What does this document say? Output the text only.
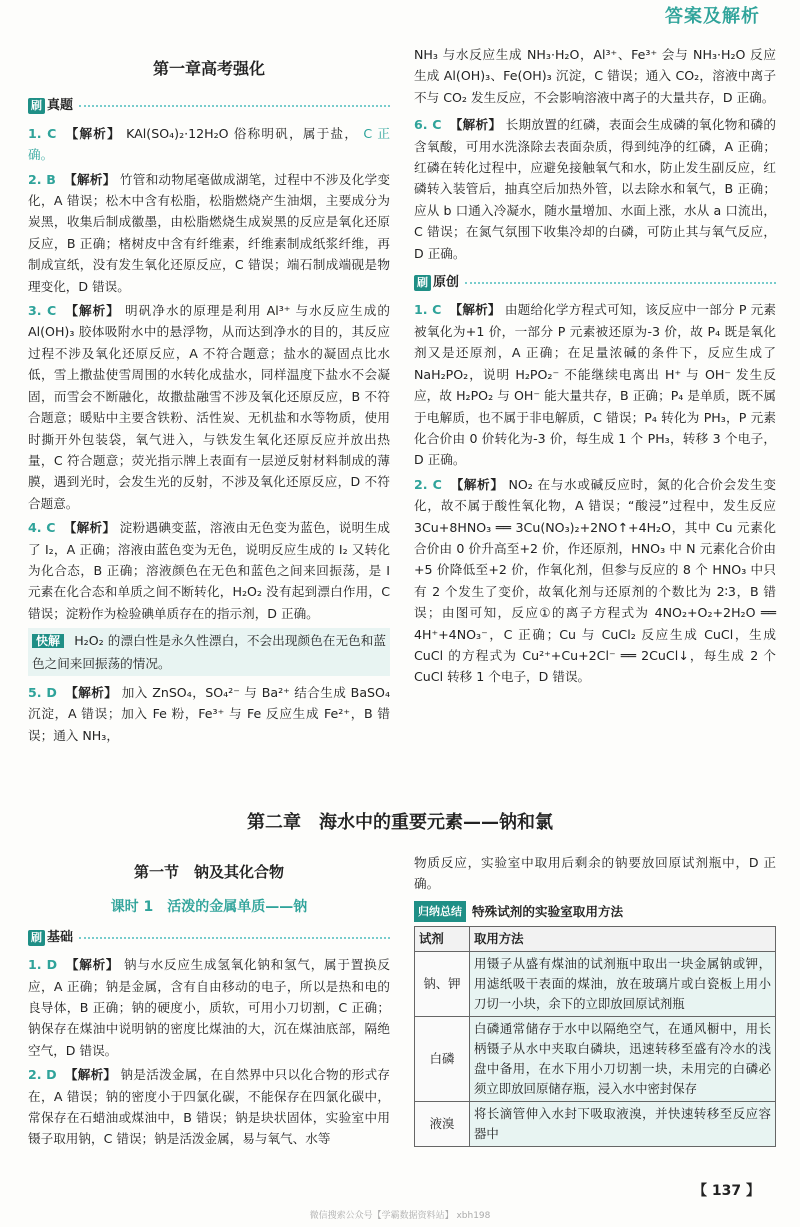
答案及解析
第一章高考强化
刷 真题
1. C 【解析】 KAl(SO₄)₂·12H₂O 俗称明矾，属于盐， C 正确。
2. B 【解析】 竹管和动物尾毫做成湖笔，过程中不涉及化学变化，A 错误；松木中含有松脂，松脂燃烧产生油烟，主要成分为炭黑，收集后制成徽墨，由松脂燃烧生成炭黑的反应是氧化还原反应，B 正确；楮树皮中含有纤维素，纤维素制成纸浆纤维，再制成宣纸，没有发生氧化还原反应，C 错误；端石制成端砚是物理变化，D 错误。
3. C 【解析】 明矾净水的原理是利用 Al³⁺ 与水反应生成的 Al(OH)₃ 胶体吸附水中的悬浮物，从而达到净水的目的，其反应过程不涉及氧化还原反应，A 不符合题意；盐水的凝固点比水低，雪上撒盐使雪周围的水转化成盐水，同样温度下盐水不会凝固，而雪会不断融化，故撒盐融雪不涉及氧化还原反应，B 不符合题意；暖贴中主要含铁粉、活性炭、无机盐和水等物质，使用时撕开外包装袋，氧气进入，与铁发生氧化还原反应并放出热量，C 符合题意；荧光指示牌上表面有一层逆反射材料制成的薄膜，遇到光时，会发生光的反射，不涉及氧化还原反应，D 不符合题意。
4. C 【解析】 淀粉遇碘变蓝，溶液由无色变为蓝色，说明生成了 I₂，A 正确；溶液由蓝色变为无色，说明反应生成的 I₂ 又转化为化合态，B 正确；溶液颜色在无色和蓝色之间来回振荡，是 I 元素在化合态和单质之间不断转化，H₂O₂ 没有起到漂白作用，C 错误；淀粉作为检验碘单质存在的指示剂，D 正确。
快解 H₂O₂ 的漂白性是永久性漂白，不会出现颜色在无色和蓝色之间来回振荡的情况。
5. D 【解析】 加入 ZnSO₄，SO₄²⁻ 与 Ba²⁺ 结合生成 BaSO₄ 沉淀，A 错误；加入 Fe 粉，Fe³⁺ 与 Fe 反应生成 Fe²⁺，B 错误；通入 NH₃，
NH₃ 与水反应生成 NH₃·H₂O，Al³⁺、Fe³⁺ 会与 NH₃·H₂O 反应生成 Al(OH)₃、Fe(OH)₃ 沉淀，C 错误；通入 CO₂，溶液中离子不与 CO₂ 发生反应，不会影响溶液中离子的大量共存，D 正确。
6. C 【解析】 长期放置的红磷，表面会生成磷的氧化物和磷的含氧酸，可用水洗涤除去表面杂质，得到纯净的红磷，A 正确；红磷在转化过程中，应避免接触氧气和水，防止发生副反应，红磷转入装管后，抽真空后加热外管，以去除水和氧气，B 正确；应从 b 口通入冷凝水，随水量增加、水面上涨，水从 a 口流出，C 错误；在氮气氛围下收集冷却的白磷，可防止其与氧气反应，D 正确。
刷 原创
1. C 【解析】 由题给化学方程式可知，该反应中一部分 P 元素被氧化为+1 价，一部分 P 元素被还原为-3 价，故 P₄ 既是氧化剂又是还原剂，A 正确；在足量浓碱的条件下，反应生成了 NaH₂PO₂，说明 H₂PO₂⁻ 不能继续电离出 H⁺ 与 OH⁻ 发生反应，故 H₂PO₂ 与 OH⁻ 能大量共存，B 正确；P₄ 是单质，既不属于电解质，也不属于非电解质，C 错误；P₄ 转化为 PH₃，P 元素化合价由 0 价转化为-3 价，每生成 1 个 PH₃，转移 3 个电子，D 正确。
2. C 【解析】 NO₂ 在与水或碱反应时，氮的化合价会发生变化，故不属于酸性氧化物，A 错误；“酸浸”过程中，发生反应 3Cu+8HNO₃ ══ 3Cu(NO₃)₂+2NO↑+4H₂O，其中 Cu 元素化合价由 0 价升高至+2 价，作还原剂，HNO₃ 中 N 元素化合价由+5 价降低至+2 价，作氧化剂，但参与反应的 8 个 HNO₃ 中只有 2 个发生了变价，故氧化剂与还原剂的个数比为 2∶3，B 错误；由图可知，反应①的离子方程式为 4NO₂+O₂+2H₂O ══ 4H⁺+4NO₃⁻，C 正确；Cu 与 CuCl₂ 反应生成 CuCl，生成 CuCl 的方程式为 Cu²⁺+Cu+2Cl⁻ ══ 2CuCl↓，每生成 2 个 CuCl 转移 1 个电子，D 错误。
第二章　海水中的重要元素——钠和氯
第一节　钠及其化合物
课时 1　活泼的金属单质——钠
刷 基础
1. D 【解析】 钠与水反应生成氢氧化钠和氢气，属于置换反应，A 正确；钠是金属，含有自由移动的电子，所以是热和电的良导体，B 正确；钠的硬度小，质软，可用小刀切割，C 正确；钠保存在煤油中说明钠的密度比煤油的大，沉在煤油底部，隔绝空气，D 错误。
2. D 【解析】 钠是活泼金属，在自然界中只以化合物的形式存在，A 错误；钠的密度小于四氯化碳，不能保存在四氯化碳中，常保存在石蜡油或煤油中，B 错误；钠是块状固体，实验室中用镊子取用钠，C 错误；钠是活泼金属，易与氧气、水等
物质反应，实验室中取用后剩余的钠要放回原试剂瓶中，D 正确。
归纳总结 特殊试剂的实验室取用方法
试剂	取用方法
钠、钾	用镊子从盛有煤油的试剂瓶中取出一块金属钠或钾，用滤纸吸干表面的煤油，放在玻璃片或白瓷板上用小刀切一小块，余下的立即放回原试剂瓶
白磷	白磷通常储存于水中以隔绝空气，在通风橱中，用长柄镊子从水中夹取白磷块，迅速转移至盛有冷水的浅盘中备用，在水下用小刀切割一块，未用完的白磷必须立即放回原储存瓶，浸入水中密封保存
液溴	将长滴管伸入水封下吸取液溴，并快速转移至反应容器中
【 137 】
微信搜索公众号【学霸数据资料站】 xbh198
